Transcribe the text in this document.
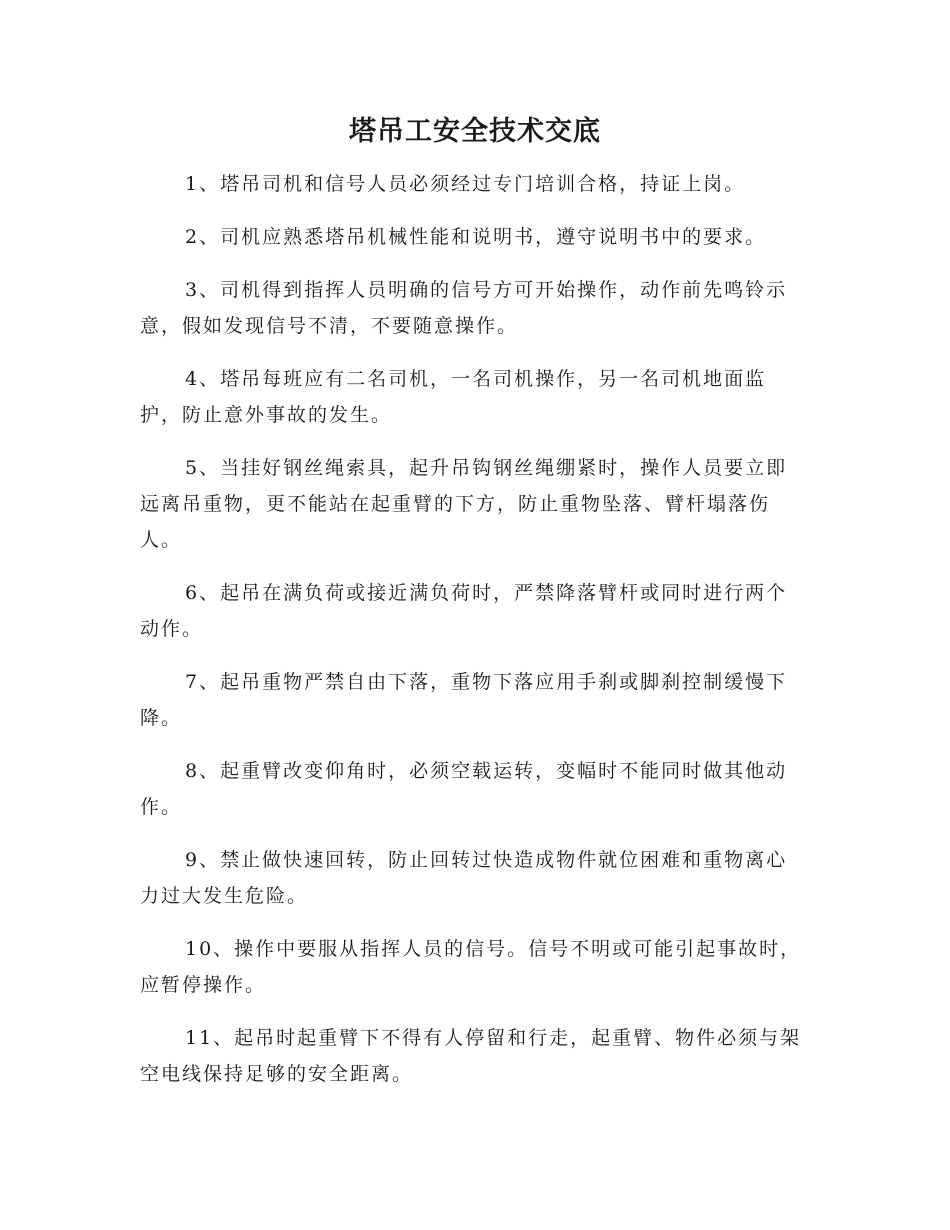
塔吊工安全技术交底

1、塔吊司机和信号人员必须经过专门培训合格，持证上岗。

2、司机应熟悉塔吊机械性能和说明书，遵守说明书中的要求。

3、司机得到指挥人员明确的信号方可开始操作，动作前先鸣铃示意，假如发现信号不清，不要随意操作。

4、塔吊每班应有二名司机，一名司机操作，另一名司机地面监护，防止意外事故的发生。

5、当挂好钢丝绳索具，起升吊钩钢丝绳绷紧时，操作人员要立即远离吊重物，更不能站在起重臂的下方，防止重物坠落、臂杆塌落伤人。

6、起吊在满负荷或接近满负荷时，严禁降落臂杆或同时进行两个动作。

7、起吊重物严禁自由下落，重物下落应用手刹或脚刹控制缓慢下降。

8、起重臂改变仰角时，必须空载运转，变幅时不能同时做其他动作。

9、禁止做快速回转，防止回转过快造成物件就位困难和重物离心力过大发生危险。

10、操作中要服从指挥人员的信号。信号不明或可能引起事故时，应暂停操作。

11、起吊时起重臂下不得有人停留和行走，起重臂、物件必须与架空电线保持足够的安全距离。
